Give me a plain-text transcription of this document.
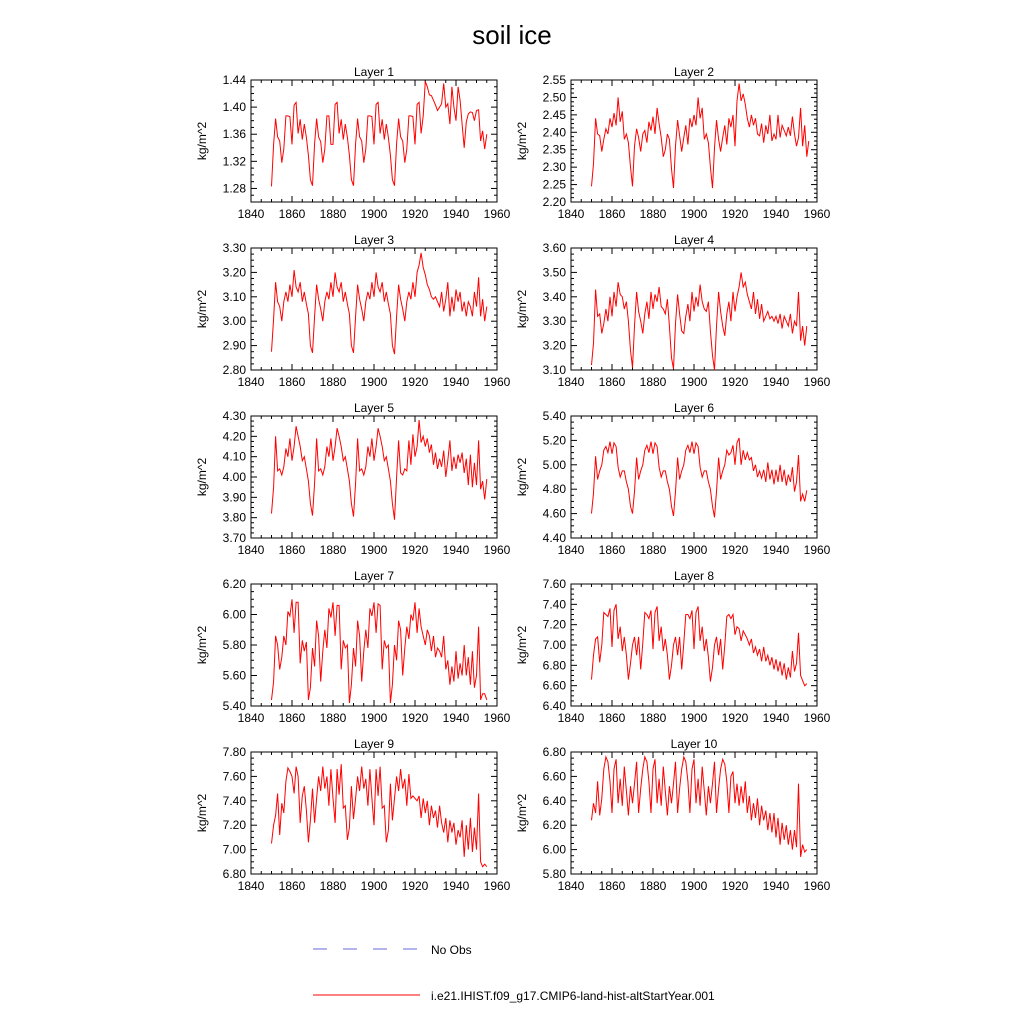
soil ice
Layer 1
1840 1860 1880 1900 1920 1940 1960
1.28
1.32
1.36
1.40
1.44
kg/m^2
Layer 2
1840 1860 1880 1900 1920 1940 1960
2.20
2.25
2.30
2.35
2.40
2.45
2.50
2.55
kg/m^2
Layer 3
1840 1860 1880 1900 1920 1940 1960
2.80
2.90
3.00
3.10
3.20
3.30
kg/m^2
Layer 4
1840 1860 1880 1900 1920 1940 1960
3.10
3.20
3.30
3.40
3.50
3.60
kg/m^2
Layer 5
1840 1860 1880 1900 1920 1940 1960
3.70
3.80
3.90
4.00
4.10
4.20
4.30
kg/m^2
Layer 6
1840 1860 1880 1900 1920 1940 1960
4.40
4.60
4.80
5.00
5.20
5.40
kg/m^2
Layer 7
1840 1860 1880 1900 1920 1940 1960
5.40
5.60
5.80
6.00
6.20
kg/m^2
Layer 8
1840 1860 1880 1900 1920 1940 1960
6.40
6.60
6.80
7.00
7.20
7.40
7.60
kg/m^2
Layer 9
1840 1860 1880 1900 1920 1940 1960
6.80
7.00
7.20
7.40
7.60
7.80
kg/m^2
Layer 10
1840 1860 1880 1900 1920 1940 1960
5.80
6.00
6.20
6.40
6.60
6.80
kg/m^2
No Obs
i.e21.IHIST.f09_g17.CMIP6-land-hist-altStartYear.001
